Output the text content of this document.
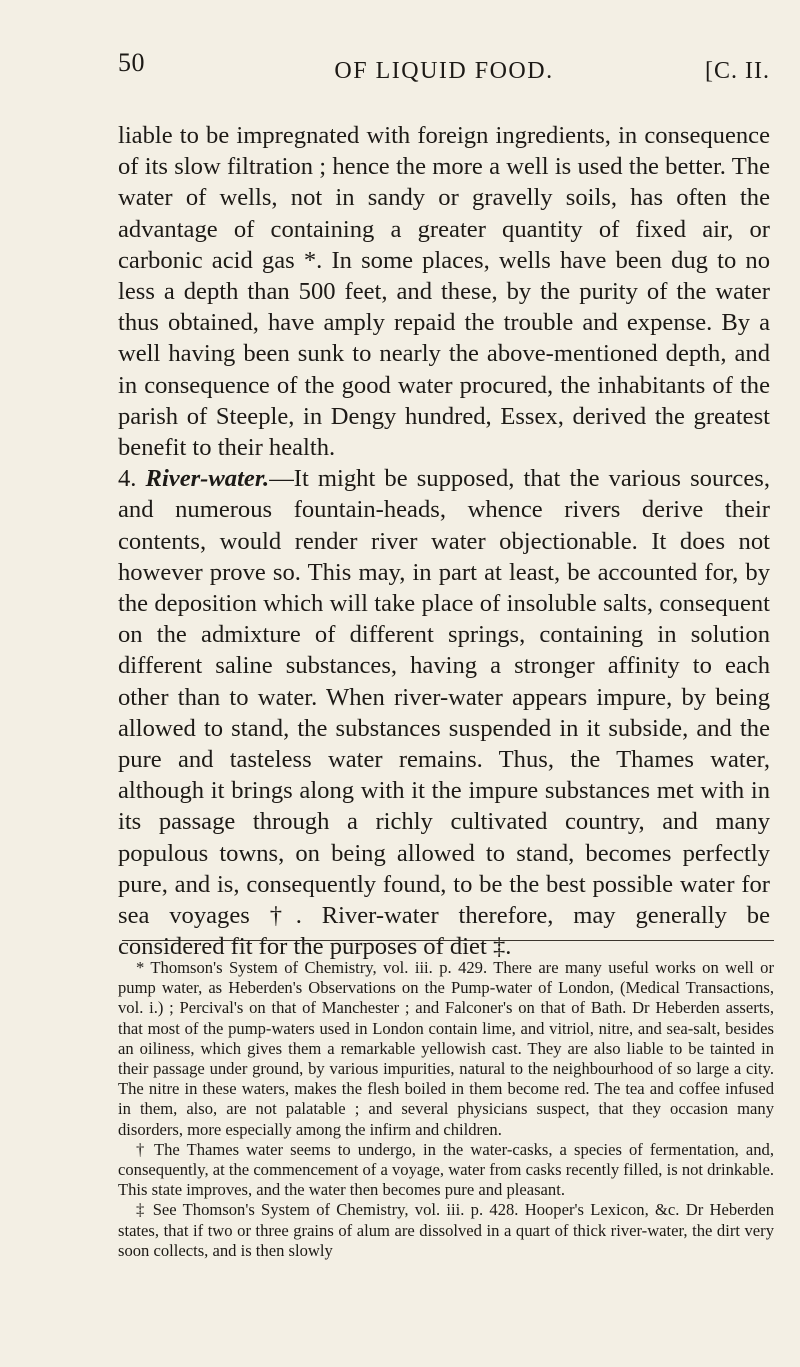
50	OF LIQUID FOOD.	[C. II.

liable to be impregnated with foreign ingredients, in consequence of its slow filtration ; hence the more a well is used the better. The water of wells, not in sandy or gravelly soils, has often the advantage of containing a greater quantity of fixed air, or carbonic acid gas *. In some places, wells have been dug to no less a depth than 500 feet, and these, by the purity of the water thus obtained, have amply repaid the trouble and expense. By a well having been sunk to nearly the above-mentioned depth, and in consequence of the good water procured, the inhabitants of the parish of Steeple, in Dengy hundred, Essex, derived the greatest benefit to their health.

4. River-water.—It might be supposed, that the various sources, and numerous fountain-heads, whence rivers derive their contents, would render river water objectionable. It does not however prove so. This may, in part at least, be accounted for, by the deposition which will take place of insoluble salts, consequent on the admixture of different springs, containing in solution different saline substances, having a stronger affinity to each other than to water. When river-water appears impure, by being allowed to stand, the substances suspended in it subside, and the pure and tasteless water remains. Thus, the Thames water, although it brings along with it the impure substances met with in its passage through a richly cultivated country, and many populous towns, on being allowed to stand, becomes perfectly pure, and is, consequently found, to be the best possible water for sea voyages †. River-water therefore, may generally be considered fit for the purposes of diet ‡.

* Thomson's System of Chemistry, vol. iii. p. 429. There are many useful works on well or pump water, as Heberden's Observations on the Pump-water of London, (Medical Transactions, vol. i.) ; Percival's on that of Manchester ; and Falconer's on that of Bath. Dr Heberden asserts, that most of the pump-waters used in London contain lime, and vitriol, nitre, and sea-salt, besides an oiliness, which gives them a remarkable yellowish cast. They are also liable to be tainted in their passage under ground, by various impurities, natural to the neighbourhood of so large a city. The nitre in these waters, makes the flesh boiled in them become red. The tea and coffee infused in them, also, are not palatable ; and several physicians suspect, that they occasion many disorders, more especially among the infirm and children.

† The Thames water seems to undergo, in the water-casks, a species of fermentation, and, consequently, at the commencement of a voyage, water from casks recently filled, is not drinkable. This state improves, and the water then becomes pure and pleasant.

‡ See Thomson's System of Chemistry, vol. iii. p. 428. Hooper's Lexicon, &c. Dr Heberden states, that if two or three grains of alum are dissolved in a quart of thick river-water, the dirt very soon collects, and is then slowly
